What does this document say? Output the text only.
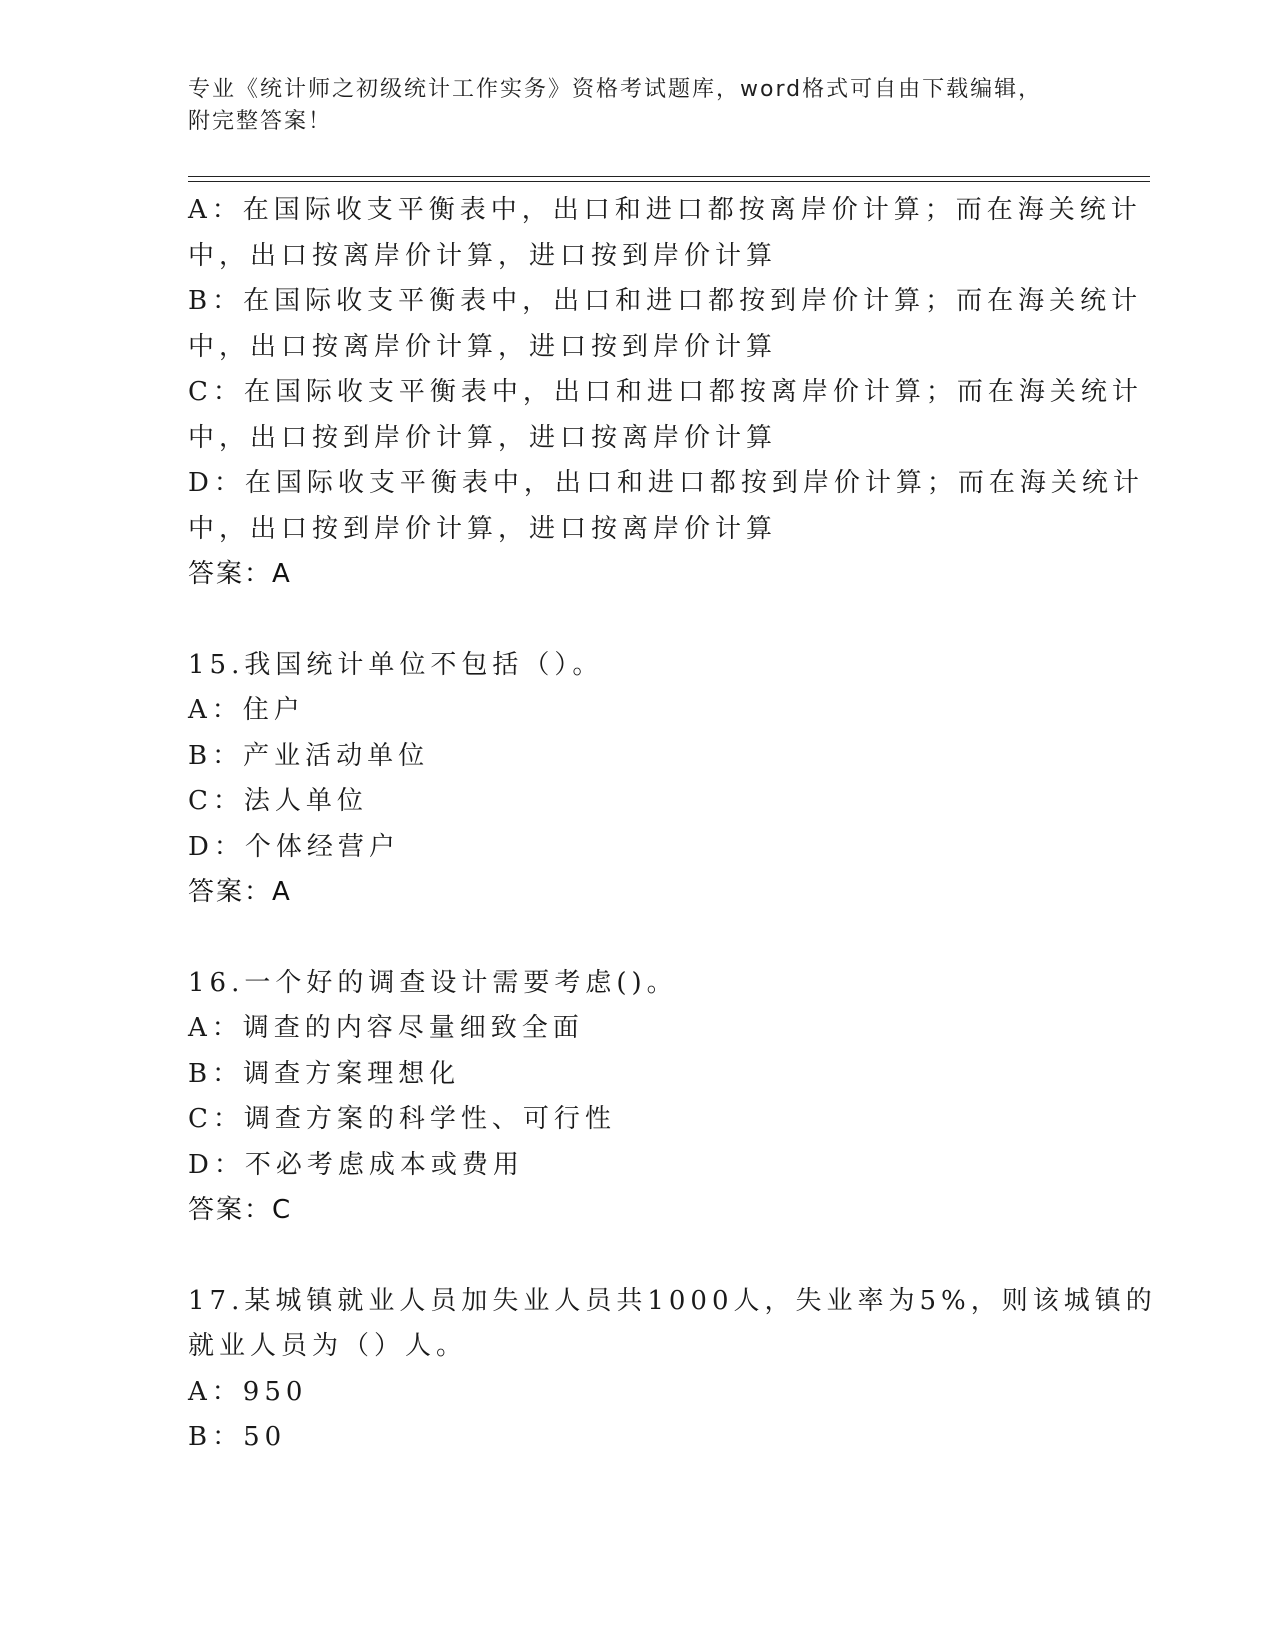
专业《统计师之初级统计工作实务》资格考试题库，word格式可自由下载编辑，
附完整答案！
A：在国际收支平衡表中，出口和进口都按离岸价计算；而在海关统计
中，出口按离岸价计算，进口按到岸价计算
B：在国际收支平衡表中，出口和进口都按到岸价计算；而在海关统计
中，出口按离岸价计算，进口按到岸价计算
C：在国际收支平衡表中，出口和进口都按离岸价计算；而在海关统计
中，出口按到岸价计算，进口按离岸价计算
D：在国际收支平衡表中，出口和进口都按到岸价计算；而在海关统计
中，出口按到岸价计算，进口按离岸价计算
答案：A
15.我国统计单位不包括（）。
A：住户
B：产业活动单位
C：法人单位
D：个体经营户
答案：A
16.一个好的调查设计需要考虑()。
A：调查的内容尽量细致全面
B：调查方案理想化
C：调查方案的科学性、可行性
D：不必考虑成本或费用
答案：C
17.某城镇就业人员加失业人员共1000人，失业率为5%，则该城镇的
就业人员为（）人。
A：950
B：50
